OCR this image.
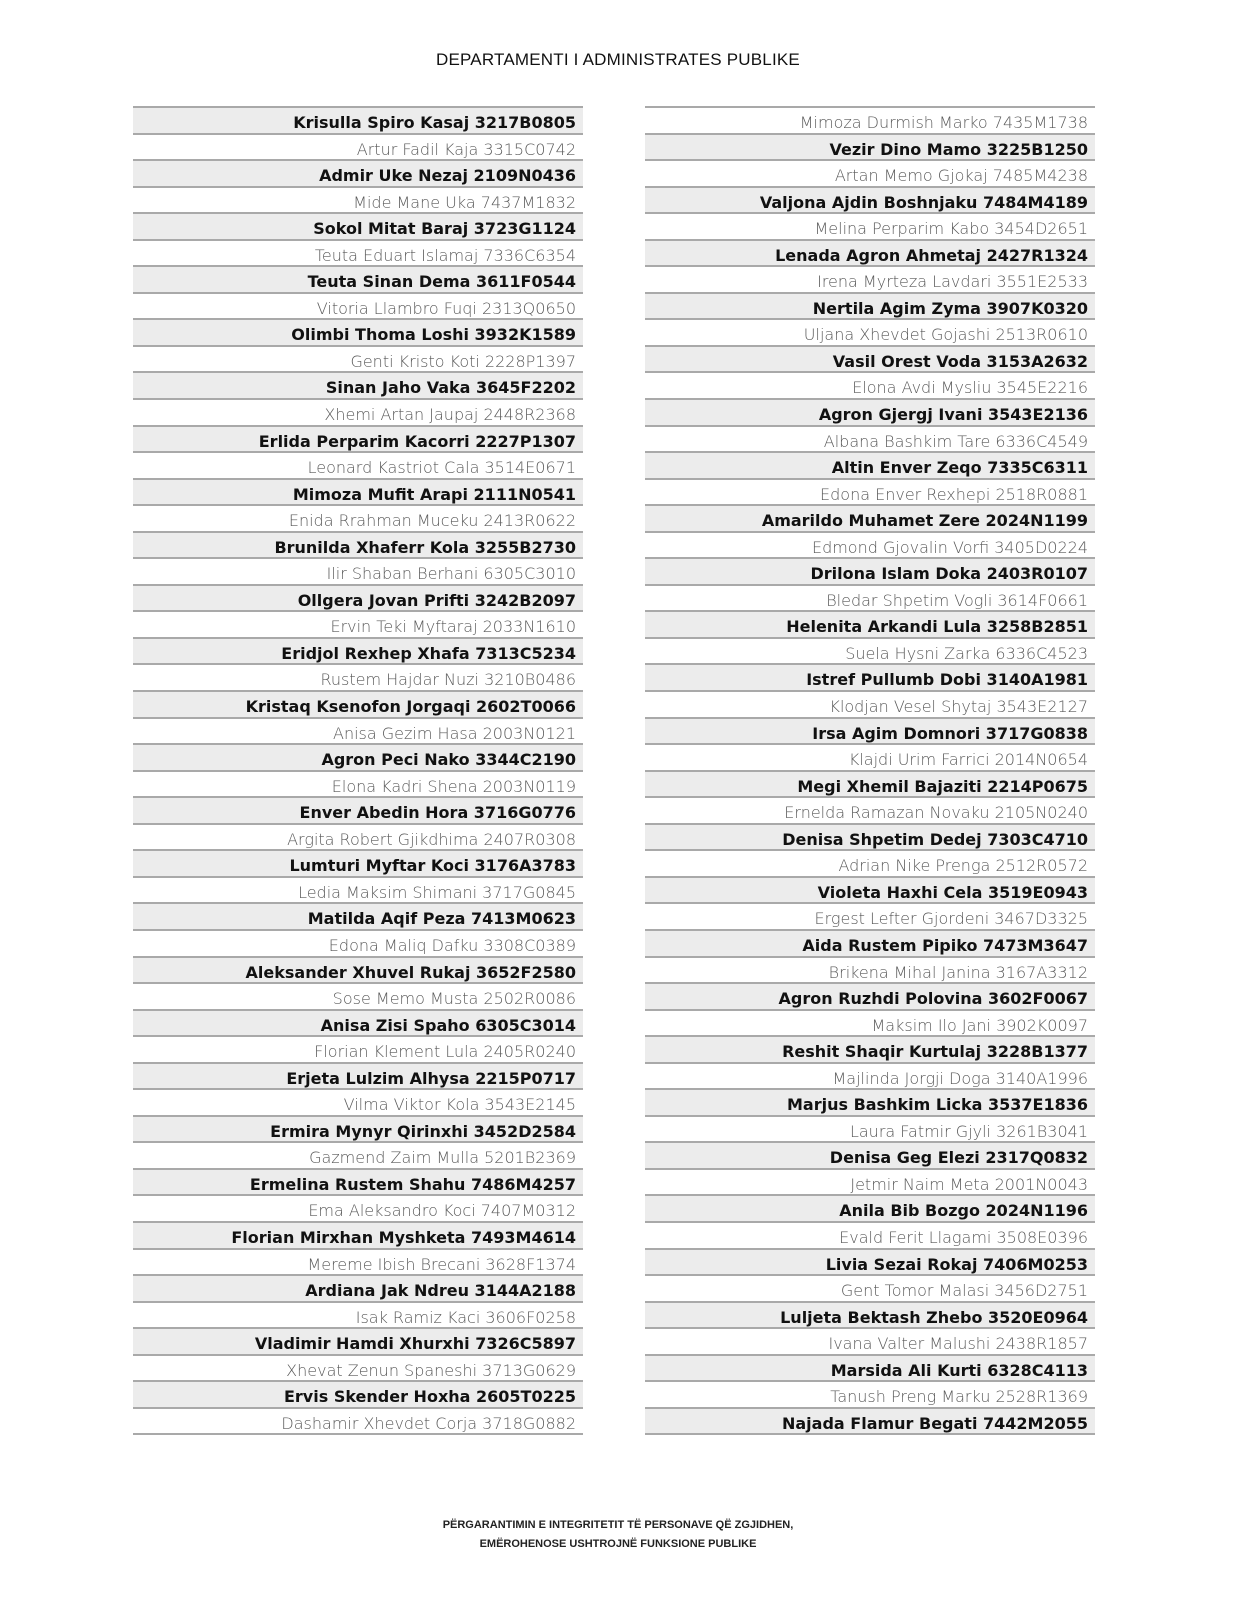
DEPARTAMENTI I ADMINISTRATES PUBLIKE
Krisulla Spiro Kasaj 3217B0805
Artur Fadil Kaja 3315C0742
Admir Uke Nezaj 2109N0436
Mide Mane Uka 7437M1832
Sokol Mitat Baraj 3723G1124
Teuta Eduart Islamaj 7336C6354
Teuta Sinan Dema 3611F0544
Vitoria Llambro Fuqi 2313Q0650
Olimbi Thoma Loshi 3932K1589
Genti Kristo Koti 2228P1397
Sinan Jaho Vaka 3645F2202
Xhemi Artan Jaupaj 2448R2368
Erlida Perparim Kacorri 2227P1307
Leonard Kastriot Cala 3514E0671
Mimoza Mufit Arapi 2111N0541
Enida Rrahman Muceku 2413R0622
Brunilda Xhaferr Kola 3255B2730
Ilir Shaban Berhani 6305C3010
Ollgera Jovan Prifti 3242B2097
Ervin Teki Myftaraj 2033N1610
Eridjol Rexhep Xhafa 7313C5234
Rustem Hajdar Nuzi 3210B0486
Kristaq Ksenofon Jorgaqi 2602T0066
Anisa Gezim Hasa 2003N0121
Agron Peci Nako 3344C2190
Elona Kadri Shena 2003N0119
Enver Abedin Hora 3716G0776
Argita Robert Gjikdhima 2407R0308
Lumturi Myftar Koci 3176A3783
Ledia Maksim Shimani 3717G0845
Matilda Aqif Peza 7413M0623
Edona Maliq Dafku 3308C0389
Aleksander Xhuvel Rukaj 3652F2580
Sose Memo Musta 2502R0086
Anisa Zisi Spaho 6305C3014
Florian Klement Lula 2405R0240
Erjeta Lulzim Alhysa 2215P0717
Vilma Viktor Kola 3543E2145
Ermira Mynyr Qirinxhi 3452D2584
Gazmend Zaim Mulla 5201B2369
Ermelina Rustem Shahu 7486M4257
Ema Aleksandro Koci 7407M0312
Florian Mirxhan Myshketa 7493M4614
Mereme Ibish Brecani 3628F1374
Ardiana Jak Ndreu 3144A2188
Isak Ramiz Kaci 3606F0258
Vladimir Hamdi Xhurxhi 7326C5897
Xhevat Zenun Spaneshi 3713G0629
Ervis Skender Hoxha 2605T0225
Dashamir Xhevdet Corja 3718G0882
Mimoza Durmish Marko 7435M1738
Vezir Dino Mamo 3225B1250
Artan Memo Gjokaj 7485M4238
Valjona Ajdin Boshnjaku 7484M4189
Melina Perparim Kabo 3454D2651
Lenada Agron Ahmetaj 2427R1324
Irena Myrteza Lavdari 3551E2533
Nertila Agim Zyma 3907K0320
Uljana Xhevdet Gojashi 2513R0610
Vasil Orest Voda 3153A2632
Elona Avdi Mysliu 3545E2216
Agron Gjergj Ivani 3543E2136
Albana Bashkim Tare 6336C4549
Altin Enver Zeqo 7335C6311
Edona Enver Rexhepi 2518R0881
Amarildo Muhamet Zere 2024N1199
Edmond Gjovalin Vorfi 3405D0224
Drilona Islam Doka 2403R0107
Bledar Shpetim Vogli 3614F0661
Helenita Arkandi Lula 3258B2851
Suela Hysni Zarka 6336C4523
Istref Pullumb Dobi 3140A1981
Klodjan Vesel Shytaj 3543E2127
Irsa Agim Domnori 3717G0838
Klajdi Urim Farrici 2014N0654
Megi Xhemil Bajaziti 2214P0675
Ernelda Ramazan Novaku 2105N0240
Denisa Shpetim Dedej 7303C4710
Adrian Nike Prenga 2512R0572
Violeta Haxhi Cela 3519E0943
Ergest Lefter Gjordeni 3467D3325
Aida Rustem Pipiko 7473M3647
Brikena Mihal Janina 3167A3312
Agron Ruzhdi Polovina 3602F0067
Maksim Ilo Jani 3902K0097
Reshit Shaqir Kurtulaj 3228B1377
Majlinda Jorgji Doga 3140A1996
Marjus Bashkim Licka 3537E1836
Laura Fatmir Gjyli 3261B3041
Denisa Geg Elezi 2317Q0832
Jetmir Naim Meta 2001N0043
Anila Bib Bozgo 2024N1196
Evald Ferit Llagami 3508E0396
Livia Sezai Rokaj 7406M0253
Gent Tomor Malasi 3456D2751
Luljeta Bektash Zhebo 3520E0964
Ivana Valter Malushi 2438R1857
Marsida Ali Kurti 6328C4113
Tanush Preng Marku 2528R1369
Najada Flamur Begati 7442M2055
PËRGARANTIMIN E INTEGRITETIT TË PERSONAVE QË ZGJIDHEN,
EMËROHENOSE USHTROJNË FUNKSIONE PUBLIKE
